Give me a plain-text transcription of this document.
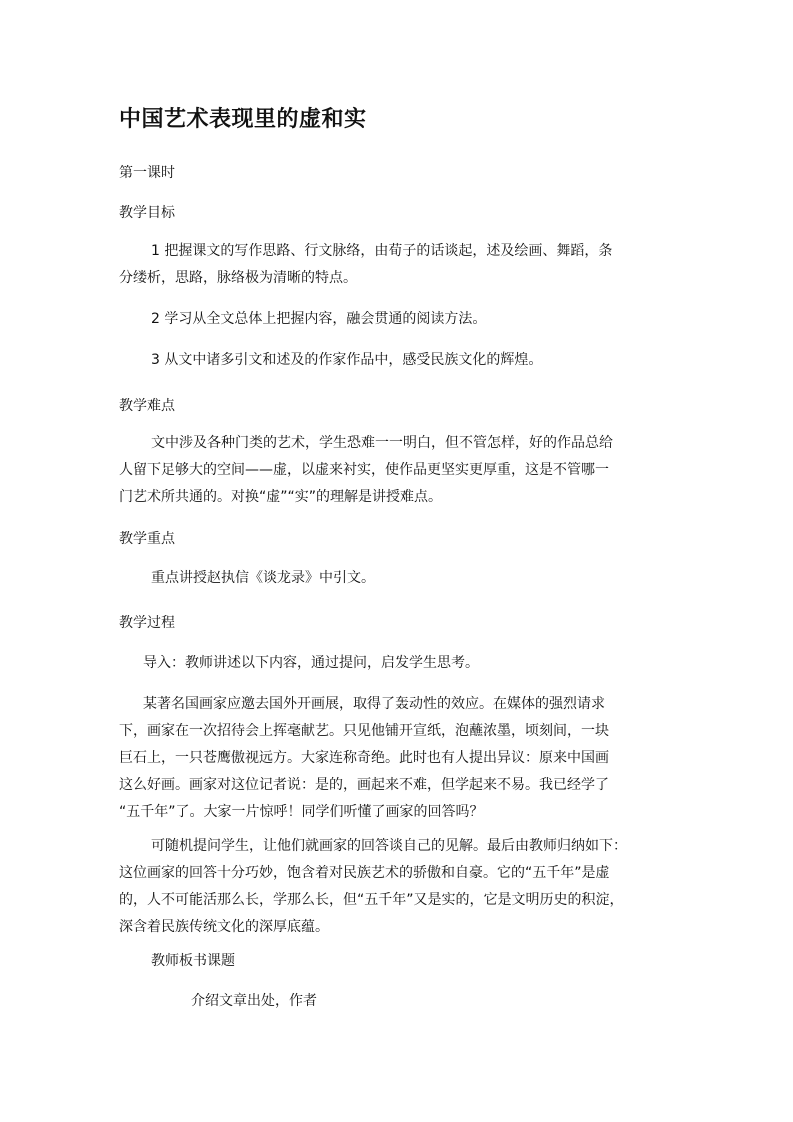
中国艺术表现里的虚和实
第一课时
教学目标
1 把握课文的写作思路、行文脉络，由荀子的话谈起，述及绘画、舞蹈，条
分缕析，思路，脉络极为清晰的特点。
2 学习从全文总体上把握内容，融会贯通的阅读方法。
3 从文中诸多引文和述及的作家作品中，感受民族文化的辉煌。
教学难点
文中涉及各种门类的艺术，学生恐难一一明白，但不管怎样，好的作品总给
人留下足够大的空间——虚，以虚来衬实，使作品更坚实更厚重，这是不管哪一
门艺术所共通的。对换“虚”“实”的理解是讲授难点。
教学重点
重点讲授赵执信《谈龙录》中引文。
教学过程
导入：教师讲述以下内容，通过提问，启发学生思考。
某著名国画家应邀去国外开画展，取得了轰动性的效应。在媒体的强烈请求
下，画家在一次招待会上挥毫献艺。只见他铺开宣纸，泡蘸浓墨，顷刻间，一块
巨石上，一只苍鹰傲视远方。大家连称奇绝。此时也有人提出异议：原来中国画
这么好画。画家对这位记者说：是的，画起来不难，但学起来不易。我已经学了
“五千年”了。大家一片惊呼！同学们听懂了画家的回答吗？
可随机提问学生，让他们就画家的回答谈自己的见解。最后由教师归纳如下：
这位画家的回答十分巧妙，饱含着对民族艺术的骄傲和自豪。它的“五千年”是虚
的，人不可能活那么长，学那么长，但“五千年”又是实的，它是文明历史的积淀，
深含着民族传统文化的深厚底蕴。
教师板书课题
介绍文章出处，作者
